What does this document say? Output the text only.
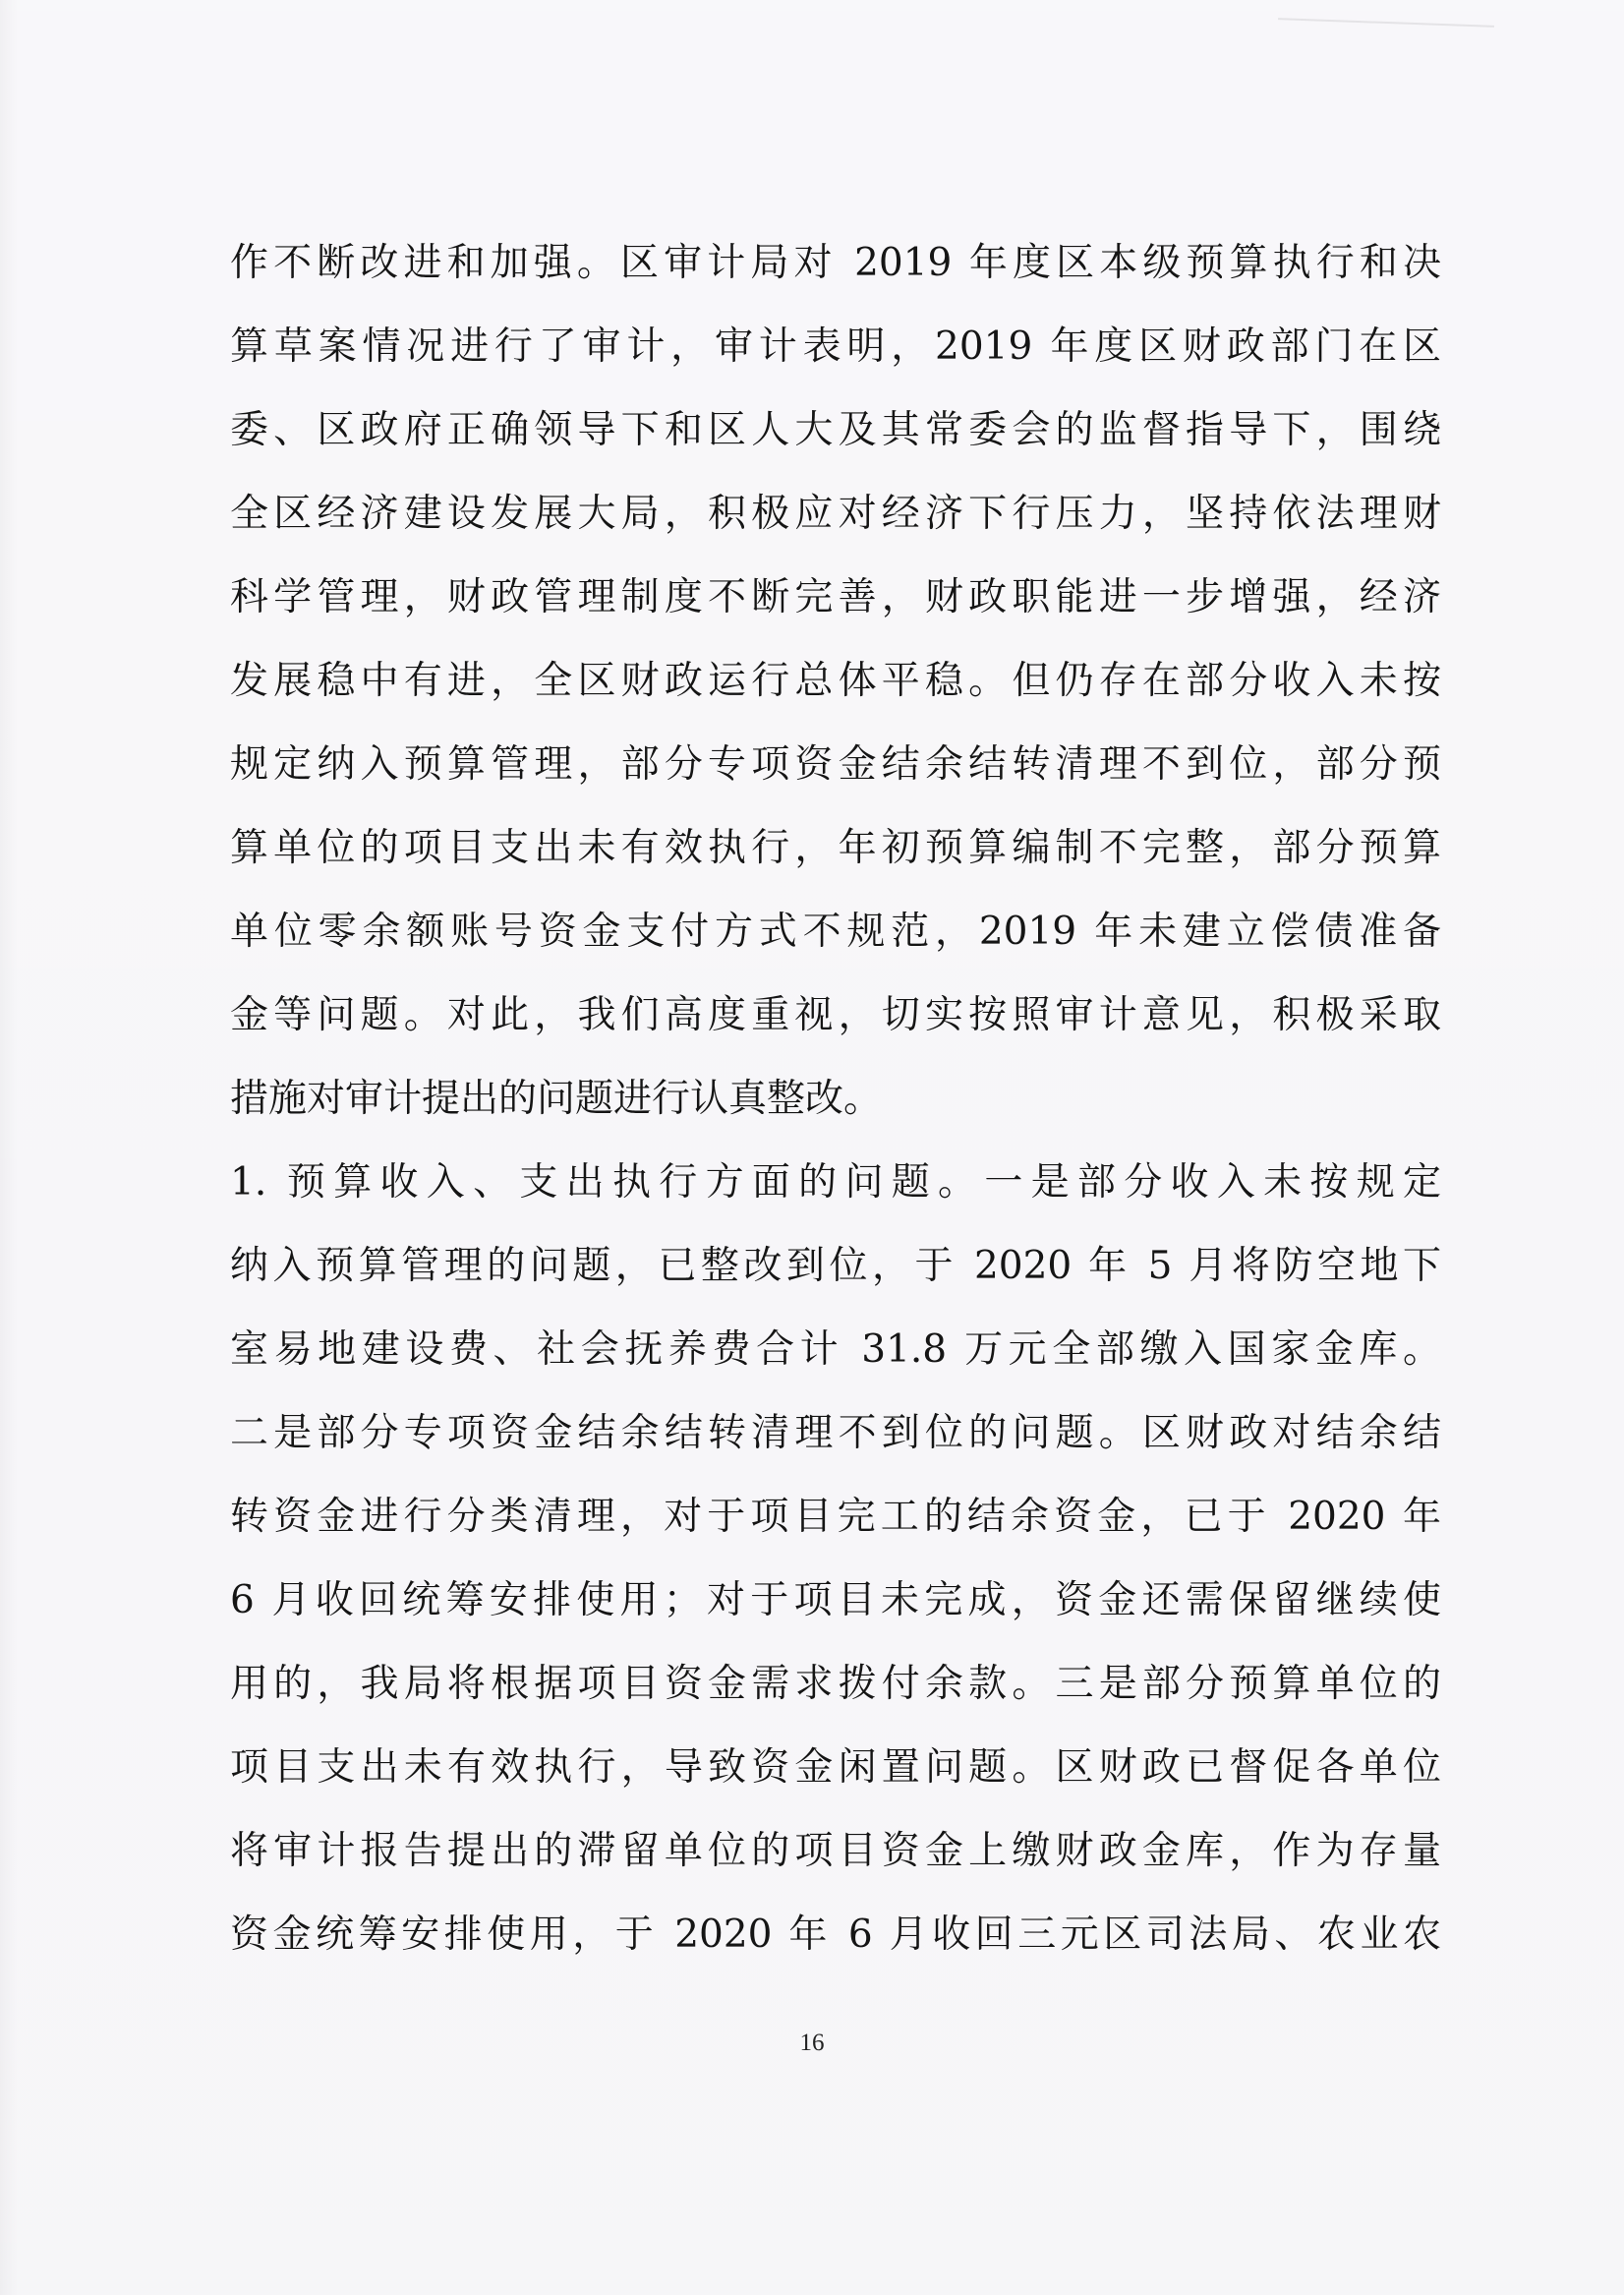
作不断改进和加强。区审计局对 2019 年度区本级预算执行和决
算草案情况进行了审计，审计表明，2019 年度区财政部门在区
委、区政府正确领导下和区人大及其常委会的监督指导下，围绕
全区经济建设发展大局，积极应对经济下行压力，坚持依法理财
科学管理，财政管理制度不断完善，财政职能进一步增强，经济
发展稳中有进，全区财政运行总体平稳。但仍存在部分收入未按
规定纳入预算管理，部分专项资金结余结转清理不到位，部分预
算单位的项目支出未有效执行，年初预算编制不完整，部分预算
单位零余额账号资金支付方式不规范，2019 年未建立偿债准备
金等问题。对此，我们高度重视，切实按照审计意见，积极采取
措施对审计提出的问题进行认真整改。
1. 预算收入、支出执行方面的问题。一是部分收入未按规定
纳入预算管理的问题，已整改到位，于 2020 年 5 月将防空地下
室易地建设费、社会抚养费合计 31.8 万元全部缴入国家金库。
二是部分专项资金结余结转清理不到位的问题。区财政对结余结
转资金进行分类清理，对于项目完工的结余资金，已于 2020 年
6 月收回统筹安排使用；对于项目未完成，资金还需保留继续使
用的，我局将根据项目资金需求拨付余款。三是部分预算单位的
项目支出未有效执行，导致资金闲置问题。区财政已督促各单位
将审计报告提出的滞留单位的项目资金上缴财政金库，作为存量
资金统筹安排使用，于 2020 年 6 月收回三元区司法局、农业农
16
